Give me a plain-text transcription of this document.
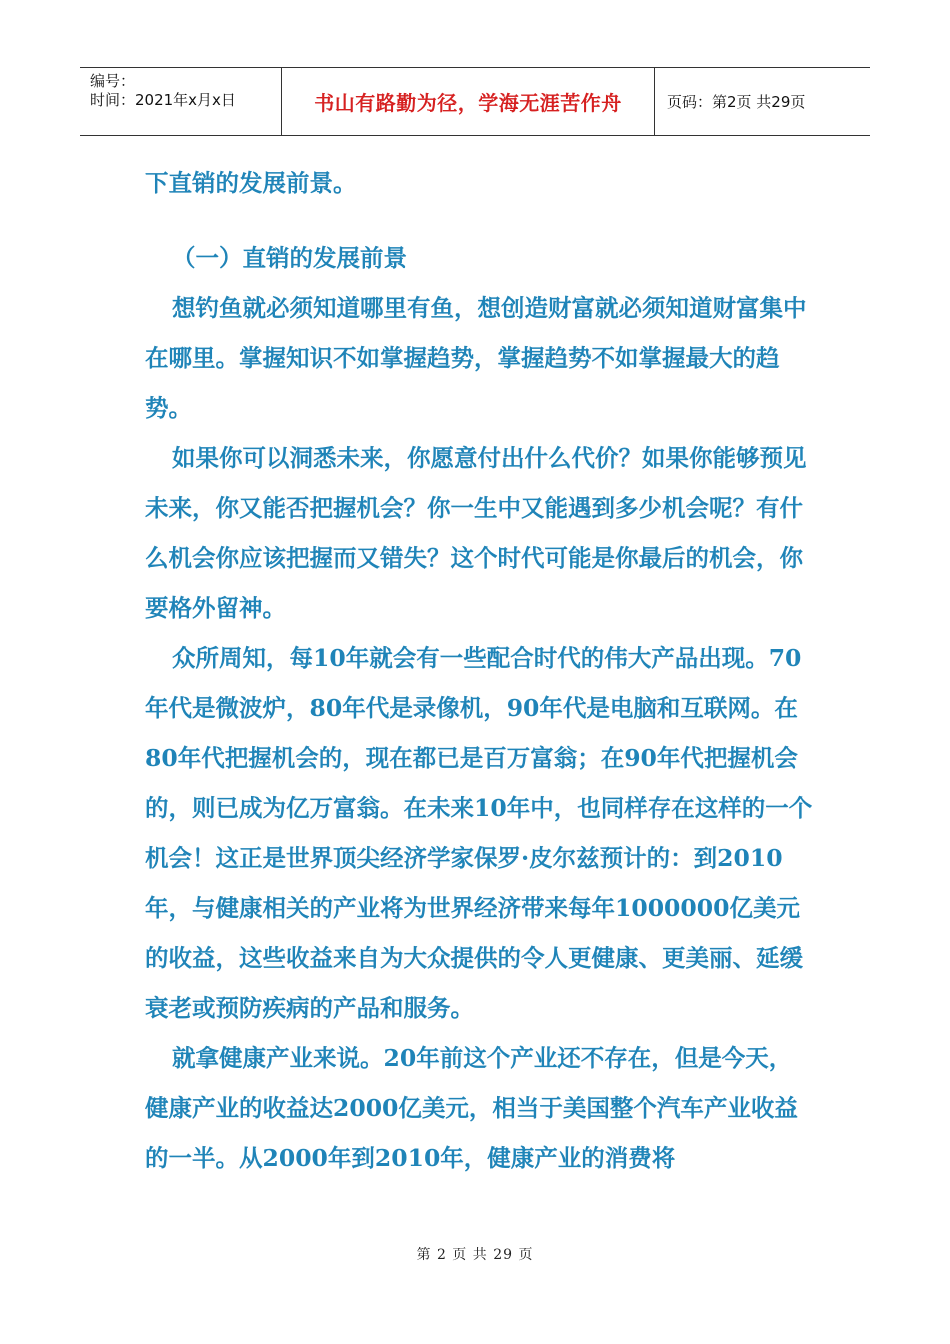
编号：
时间：2021年x月x日	书山有路勤为径，学海无涯苦作舟	页码：第2页 共29页

下直销的发展前景。

（一）直销的发展前景

想钓鱼就必须知道哪里有鱼，想创造财富就必须知道财富集中在哪里。掌握知识不如掌握趋势，掌握趋势不如掌握最大的趋势。

如果你可以洞悉未来，你愿意付出什么代价？如果你能够预见未来，你又能否把握机会？你一生中又能遇到多少机会呢？有什么机会你应该把握而又错失？这个时代可能是你最后的机会，你要格外留神。

众所周知，每10年就会有一些配合时代的伟大产品出现。70年代是微波炉，80年代是录像机，90年代是电脑和互联网。在80年代把握机会的，现在都已是百万富翁；在90年代把握机会的，则已成为亿万富翁。在未来10年中，也同样存在这样的一个机会！这正是世界顶尖经济学家保罗·皮尔兹预计的：到2010年，与健康相关的产业将为世界经济带来每年1000000亿美元的收益，这些收益来自为大众提供的令人更健康、更美丽、延缓衰老或预防疾病的产品和服务。

就拿健康产业来说。20年前这个产业还不存在，但是今天，健康产业的收益达2000亿美元，相当于美国整个汽车产业收益的一半。从2000年到2010年，健康产业的消费将

第 2 页 共 29 页
